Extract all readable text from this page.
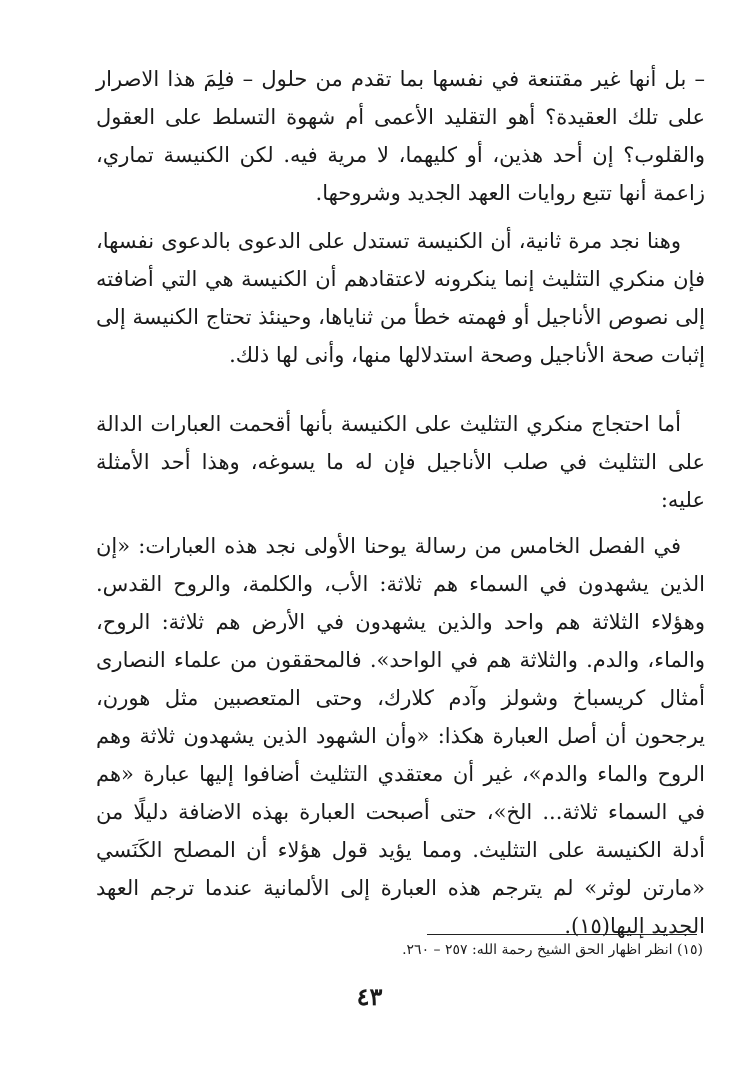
– بل أنها غير مقتنعة في نفسها بما تقدم من حلول – فلِمَ هذا الاصرار على تلك العقيدة؟ أهو التقليد الأعمى أم شهوة التسلط على العقول والقلوب؟ إن أحد هذين، أو كليهما، لا مرية فيه. لكن الكنيسة تماري، زاعمة أنها تتبع روايات العهد الجديد وشروحها.

وهنا نجد مرة ثانية، أن الكنيسة تستدل على الدعوى بالدعوى نفسها، فإن منكري التثليث إنما ينكرونه لاعتقادهم أن الكنيسة هي التي أضافته إلى نصوص الأناجيل أو فهمته خطأ من ثناياها، وحينئذ تحتاج الكنيسة إلى إثبات صحة الأناجيل وصحة استدلالها منها، وأنى لها ذلك.

أما احتجاج منكري التثليث على الكنيسة بأنها أقحمت العبارات الدالة على التثليث في صلب الأناجيل فإن له ما يسوغه، وهذا أحد الأمثلة عليه:

في الفصل الخامس من رسالة يوحنا الأولى نجد هذه العبارات: «إن الذين يشهدون في السماء هم ثلاثة: الأب، والكلمة، والروح القدس. وهؤلاء الثلاثة هم واحد والذين يشهدون في الأرض هم ثلاثة: الروح، والماء، والدم. والثلاثة هم في الواحد». فالمحققون من علماء النصارى أمثال كريسباخ وشولز وآدم كلارك، وحتى المتعصبين مثل هورن، يرجحون أن أصل العبارة هكذا: «وأن الشهود الذين يشهدون ثلاثة وهم الروح والماء والدم»، غير أن معتقدي التثليث أضافوا إليها عبارة «هم في السماء ثلاثة... الخ»، حتى أصبحت العبارة بهذه الاضافة دليلًا من أدلة الكنيسة على التثليث. ومما يؤيد قول هؤلاء أن المصلح الكَنَسي «مارتن لوثر» لم يترجم هذه العبارة إلى الألمانية عندما ترجم العهد الجديد إليها(١٥).

(١٥) انظر اظهار الحق الشيخ رحمة الله: ٢٥٧ – ٢٦٠.
٤٣
